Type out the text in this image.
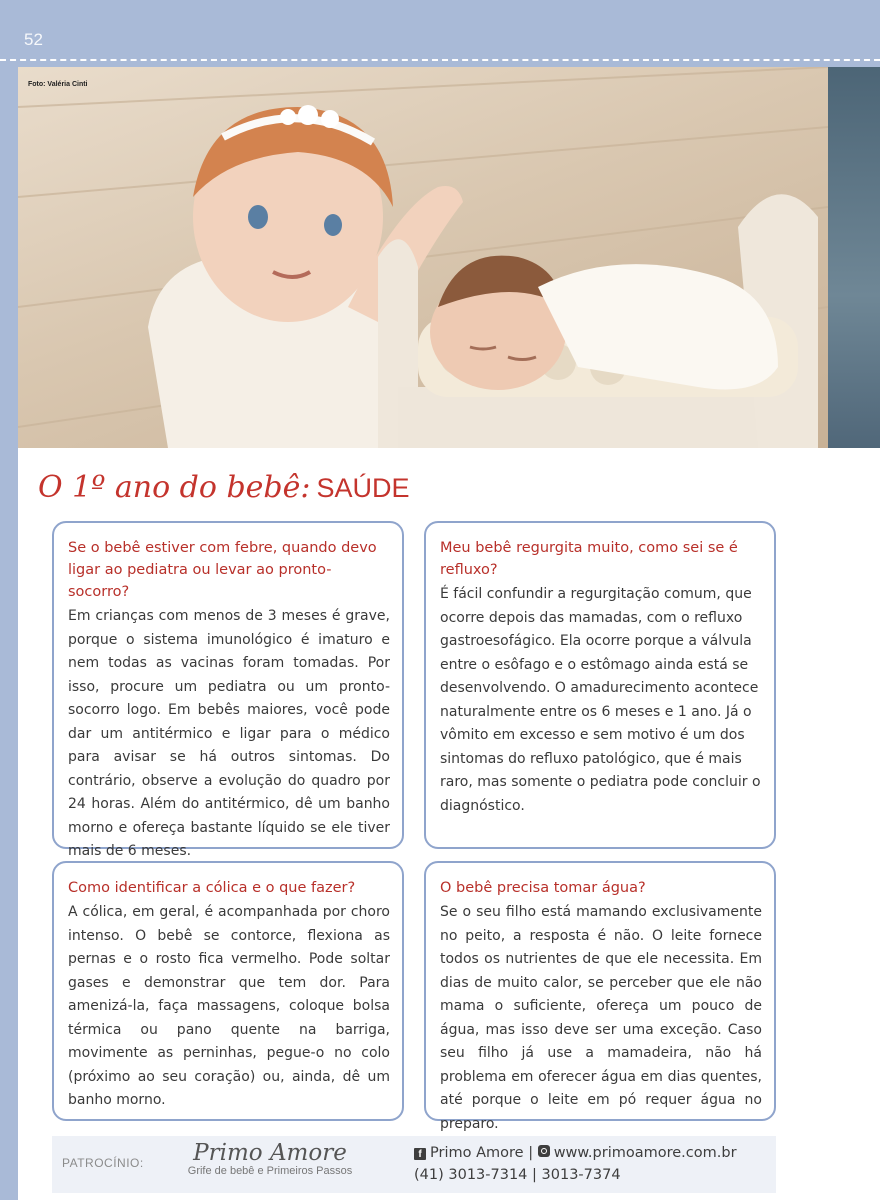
52
Foto: Valéria Cinti
O 1º ano do bebê: SAÚDE
Se o bebê estiver com febre, quando devo ligar ao pediatra ou levar ao pronto-socorro?

Em crianças com menos de 3 meses é grave, porque o sistema imunológico é imaturo e nem todas as vacinas foram tomadas. Por isso, procure um pediatra ou um pronto-socorro logo. Em bebês maiores, você pode dar um antitérmico e ligar para o médico para avisar se há outros sintomas. Do contrário, observe a evolução do quadro por 24 horas. Além do antitérmico, dê um banho morno e ofereça bastante líquido se ele tiver mais de 6 meses.

Meu bebê regurgita muito, como sei se é refluxo?

É fácil confundir a regurgitação comum, que ocorre depois das mamadas, com o refluxo gastroesofágico. Ela ocorre porque a válvula entre o esôfago e o estômago ainda está se desenvolvendo. O amadurecimento acontece naturalmente entre os 6 meses e 1 ano. Já o vômito em excesso e sem motivo é um dos sintomas do refluxo patológico, que é mais raro, mas somente o pediatra pode concluir o diagnóstico.

Como identificar a cólica e o que fazer?

A cólica, em geral, é acompanhada por choro intenso. O bebê se contorce, flexiona as pernas e o rosto fica vermelho. Pode soltar gases e demonstrar que tem dor. Para amenizá-la, faça massagens, coloque bolsa térmica ou pano quente na barriga, movimente as perninhas, pegue-o no colo (próximo ao seu coração) ou, ainda, dê um banho morno.

O bebê precisa tomar água?

Se o seu filho está mamando exclusivamente no peito, a resposta é não. O leite fornece todos os nutrientes de que ele necessita. Em dias de muito calor, se perceber que ele não mama o suficiente, ofereça um pouco de água, mas isso deve ser uma exceção. Caso seu filho já use a mamadeira, não há problema em oferecer água em dias quentes, até porque o leite em pó requer água no preparo.

PATROCÍNIO:	Primo Amore
Grife de bebê e Primeiros Passos
f Primo Amore | www.primoamore.com.br
(41) 3013-7314 | 3013-7374
